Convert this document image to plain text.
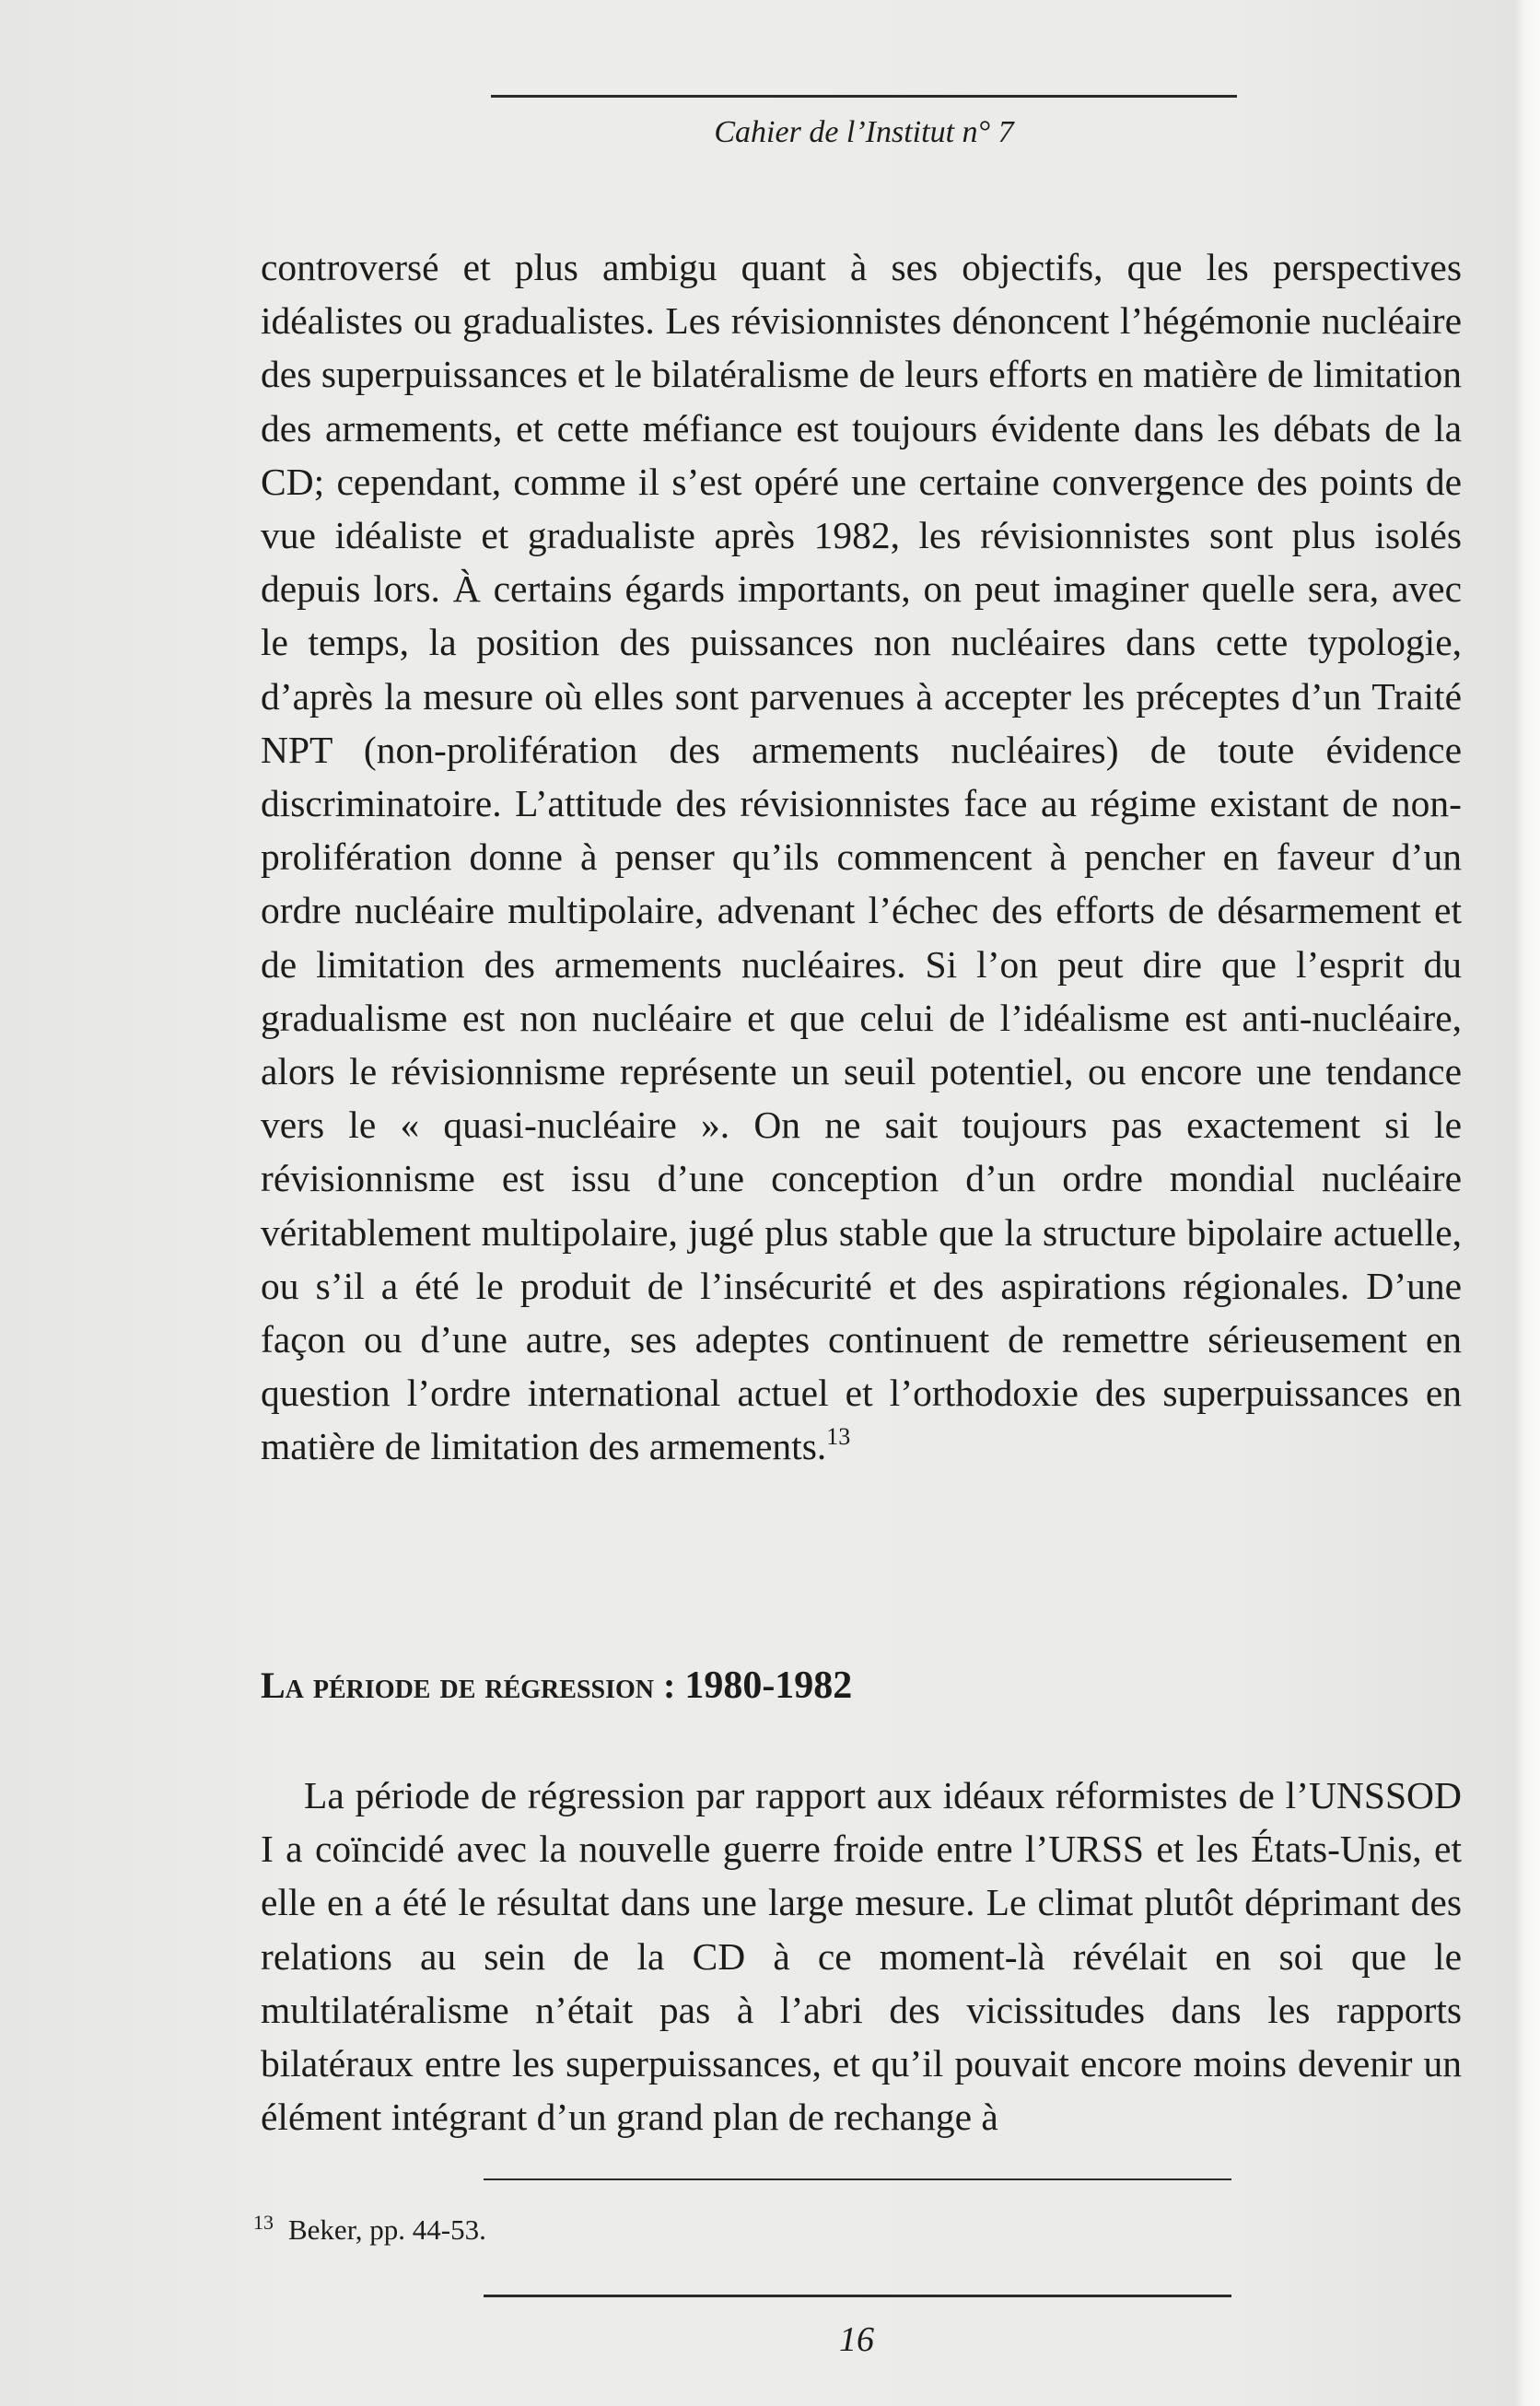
Cahier de l’Institut n° 7

controversé et plus ambigu quant à ses objectifs, que les perspectives idéalistes ou gradualistes. Les révisionnistes dénoncent l’hégémonie nucléaire des superpuissances et le bilatéralisme de leurs efforts en matière de limitation des armements, et cette méfiance est toujours évidente dans les débats de la CD; cependant, comme il s’est opéré une certaine convergence des points de vue idéaliste et gradualiste après 1982, les révisionnistes sont plus isolés depuis lors. À certains égards importants, on peut imaginer quelle sera, avec le temps, la position des puissances non nucléaires dans cette typologie, d’après la mesure où elles sont parvenues à accepter les préceptes d’un Traité NPT (non-prolifération des armements nucléaires) de toute évidence discriminatoire. L’attitude des révisionnistes face au régime existant de non-prolifération donne à penser qu’ils commencent à pencher en faveur d’un ordre nucléaire multipolaire, advenant l’échec des efforts de désarmement et de limitation des armements nucléaires. Si l’on peut dire que l’esprit du gradualisme est non nucléaire et que celui de l’idéalisme est anti-nucléaire, alors le révisionnisme représente un seuil potentiel, ou encore une tendance vers le « quasi-nucléaire ». On ne sait toujours pas exactement si le révisionnisme est issu d’une conception d’un ordre mondial nucléaire véritablement multipolaire, jugé plus stable que la structure bipolaire actuelle, ou s’il a été le produit de l’insécurité et des aspirations régionales. D’une façon ou d’une autre, ses adeptes continuent de remettre sérieusement en question l’ordre international actuel et l’orthodoxie des superpuissances en matière de limitation des armements.$^{13}$

La période de régression : 1980-1982

La période de régression par rapport aux idéaux réformistes de l’UNSSOD I a coïncidé avec la nouvelle guerre froide entre l’URSS et les États-Unis, et elle en a été le résultat dans une large mesure. Le climat plutôt déprimant des relations au sein de la CD à ce moment-là révélait en soi que le multilatéralisme n’était pas à l’abri des vicissitudes dans les rapports bilatéraux entre les superpuissances, et qu’il pouvait encore moins devenir un élément intégrant d’un grand plan de rechange à

$^{13}$ Beker, pp. 44-53.
16
